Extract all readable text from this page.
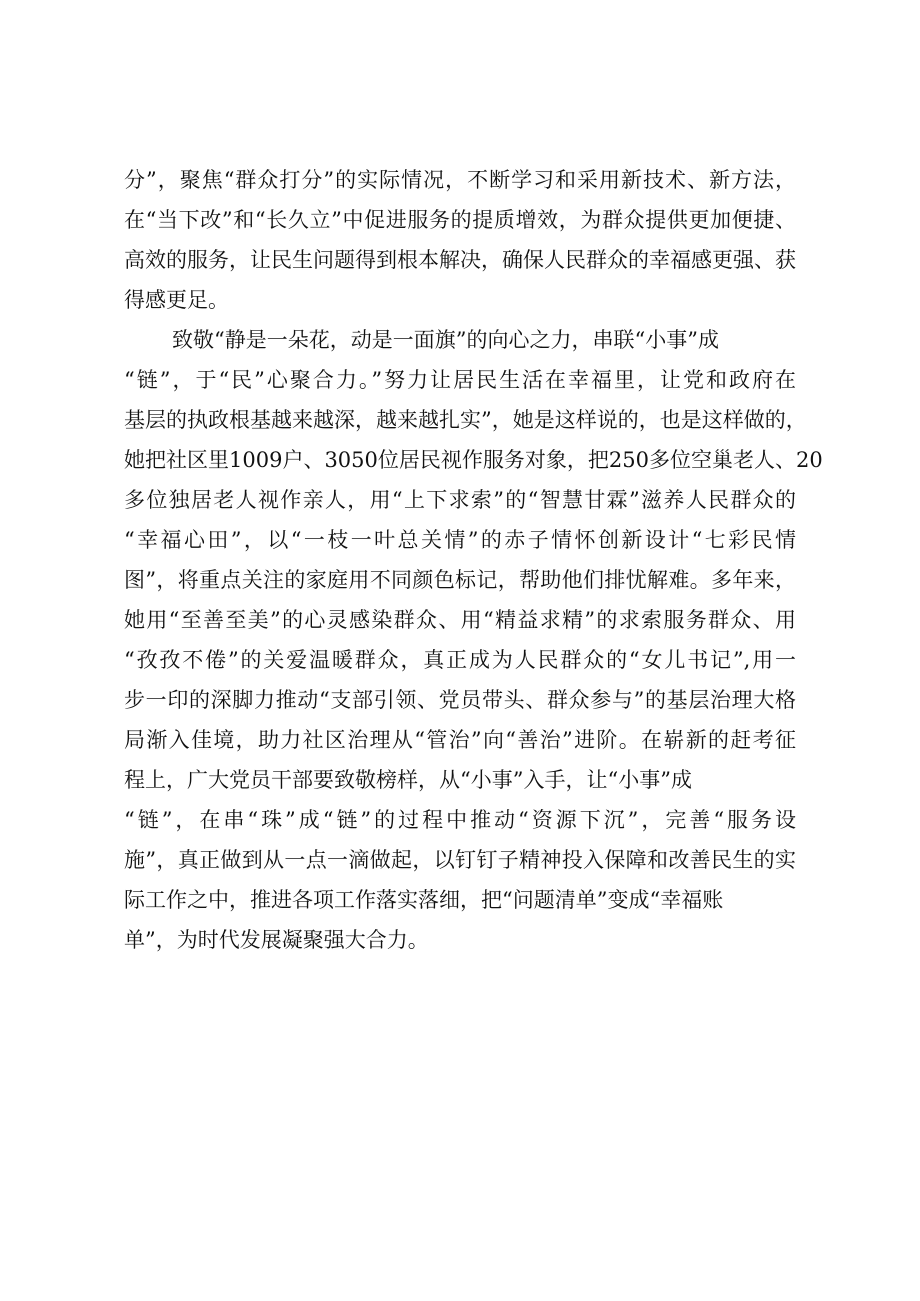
分”，聚焦“群众打分”的实际情况，不断学习和采用新技术、新方法，
在“当下改”和“长久立”中促进服务的提质增效，为群众提供更加便捷、
高效的服务，让民生问题得到根本解决，确保人民群众的幸福感更强、获
得感更足。

致敬“静是一朵花，动是一面旗”的向心之力，串联“小事”成
“链”，于“民”心聚合力。”努力让居民生活在幸福里，让党和政府在
基层的执政根基越来越深，越来越扎实”，她是这样说的，也是这样做的，
她把社区里1009户、3050位居民视作服务对象，把250多位空巢老人、20
多位独居老人视作亲人，用“上下求索”的“智慧甘霖”滋养人民群众的
“幸福心田”，以“一枝一叶总关情”的赤子情怀创新设计“七彩民情
图”，将重点关注的家庭用不同颜色标记，帮助他们排忧解难。多年来，
她用“至善至美”的心灵感染群众、用“精益求精”的求索服务群众、用
“孜孜不倦”的关爱温暖群众，真正成为人民群众的“女儿书记”,用一
步一印的深脚力推动“支部引领、党员带头、群众参与”的基层治理大格
局渐入佳境，助力社区治理从“管治”向“善治”进阶。在崭新的赶考征
程上，广大党员干部要致敬榜样，从“小事”入手，让“小事”成
“链”，在串“珠”成“链”的过程中推动“资源下沉”，完善“服务设
施”，真正做到从一点一滴做起，以钉钉子精神投入保障和改善民生的实
际工作之中，推进各项工作落实落细，把“问题清单”变成“幸福账
单”，为时代发展凝聚强大合力。
